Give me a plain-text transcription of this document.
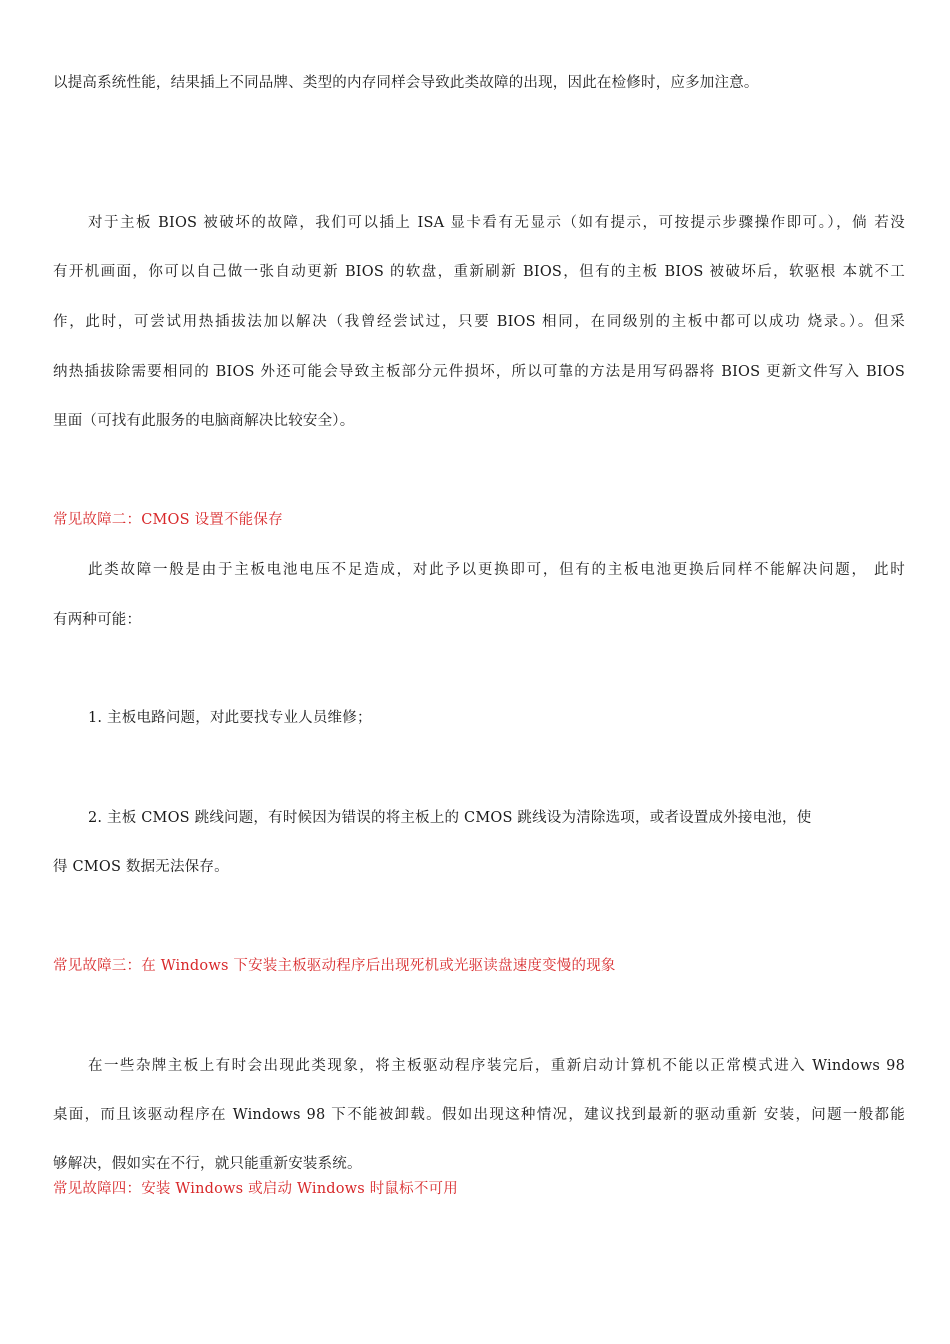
以提高系统性能，结果插上不同品牌、类型的内存同样会导致此类故障的出现，因此在检修时，应多加注意。
对于主板 BIOS 被破坏的故障，我们可以插上 ISA 显卡看有无显示（如有提示，可按提示步骤操作即可。），倘 若没
有开机画面，你可以自己做一张自动更新 BIOS 的软盘，重新刷新 BIOS，但有的主板 BIOS 被破坏后，软驱根 本就不工
作，此时，可尝试用热插拔法加以解决（我曾经尝试过，只要 BIOS 相同，在同级别的主板中都可以成功 烧录。）。但采
纳热插拔除需要相同的 BIOS 外还可能会导致主板部分元件损坏，所以可靠的方法是用写码器将 BIOS 更新文件写入 BIOS
里面（可找有此服务的电脑商解决比较安全）。
常见故障二：CMOS 设置不能保存
此类故障一般是由于主板电池电压不足造成，对此予以更换即可，但有的主板电池更换后同样不能解决问题， 此时
有两种可能：
1. 主板电路问题，对此要找专业人员维修；
2. 主板 CMOS 跳线问题，有时候因为错误的将主板上的 CMOS 跳线设为清除选项，或者设置成外接电池，使
得 CMOS 数据无法保存。
常见故障三：在 Windows 下安装主板驱动程序后出现死机或光驱读盘速度变慢的现象
在一些杂牌主板上有时会出现此类现象，将主板驱动程序装完后，重新启动计算机不能以正常模式进入 Windows 98
桌面，而且该驱动程序在 Windows 98 下不能被卸载。假如出现这种情况，建议找到最新的驱动重新 安装，问题一般都能
够解决，假如实在不行，就只能重新安装系统。
常见故障四：安装 Windows 或启动 Windows 时鼠标不可用
